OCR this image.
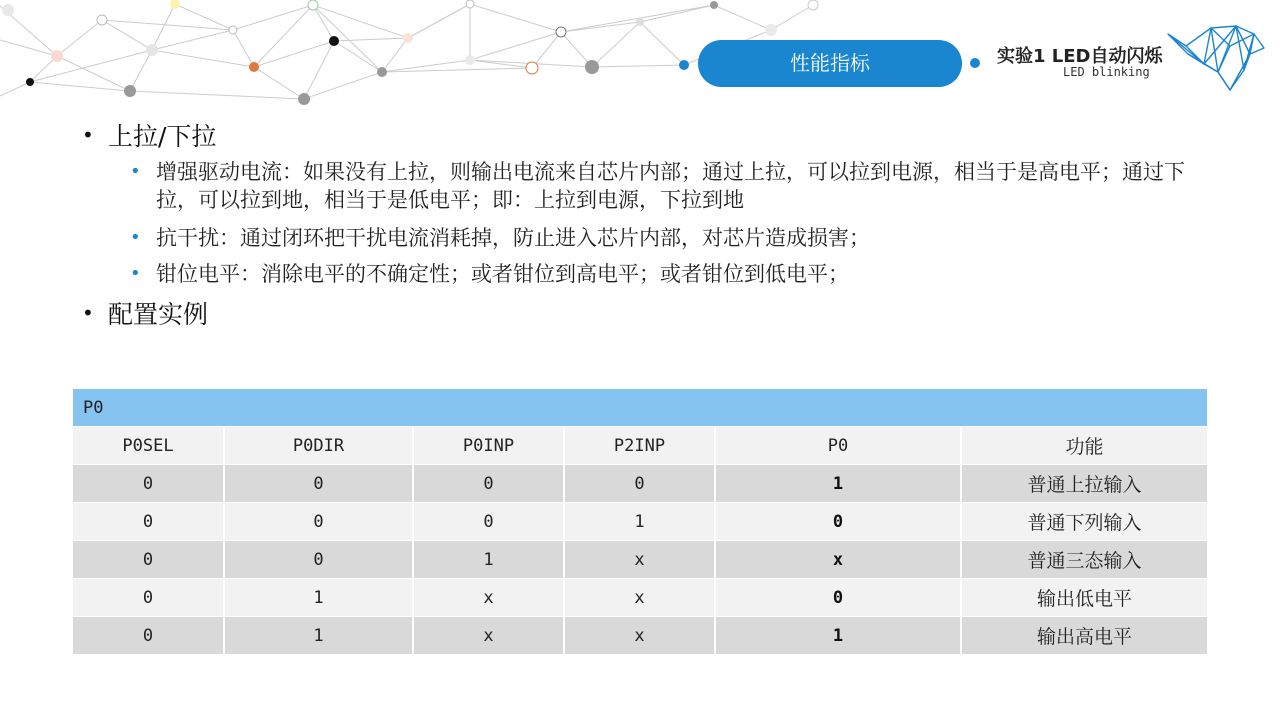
性能指标	实验1 LED自动闪烁
LED blinking
• 上拉/下拉
• 增强驱动电流：如果没有上拉，则输出电流来自芯片内部；通过上拉，可以拉到电源，相当于是高电平；通过下拉，可以拉到地，相当于是低电平；即：上拉到电源，下拉到地
• 抗干扰：通过闭环把干扰电流消耗掉，防止进入芯片内部，对芯片造成损害；
• 钳位电平：消除电平的不确定性；或者钳位到高电平；或者钳位到低电平；
• 配置实例
P0					
P0SEL	P0DIR	P0INP	P2INP	P0	功能
0	0	0	0	1	普通上拉输入
0	0	0	1	0	普通下列输入
0	0	1	x	x	普通三态输入
0	1	x	x	0	输出低电平
0	1	x	x	1	输出高电平
